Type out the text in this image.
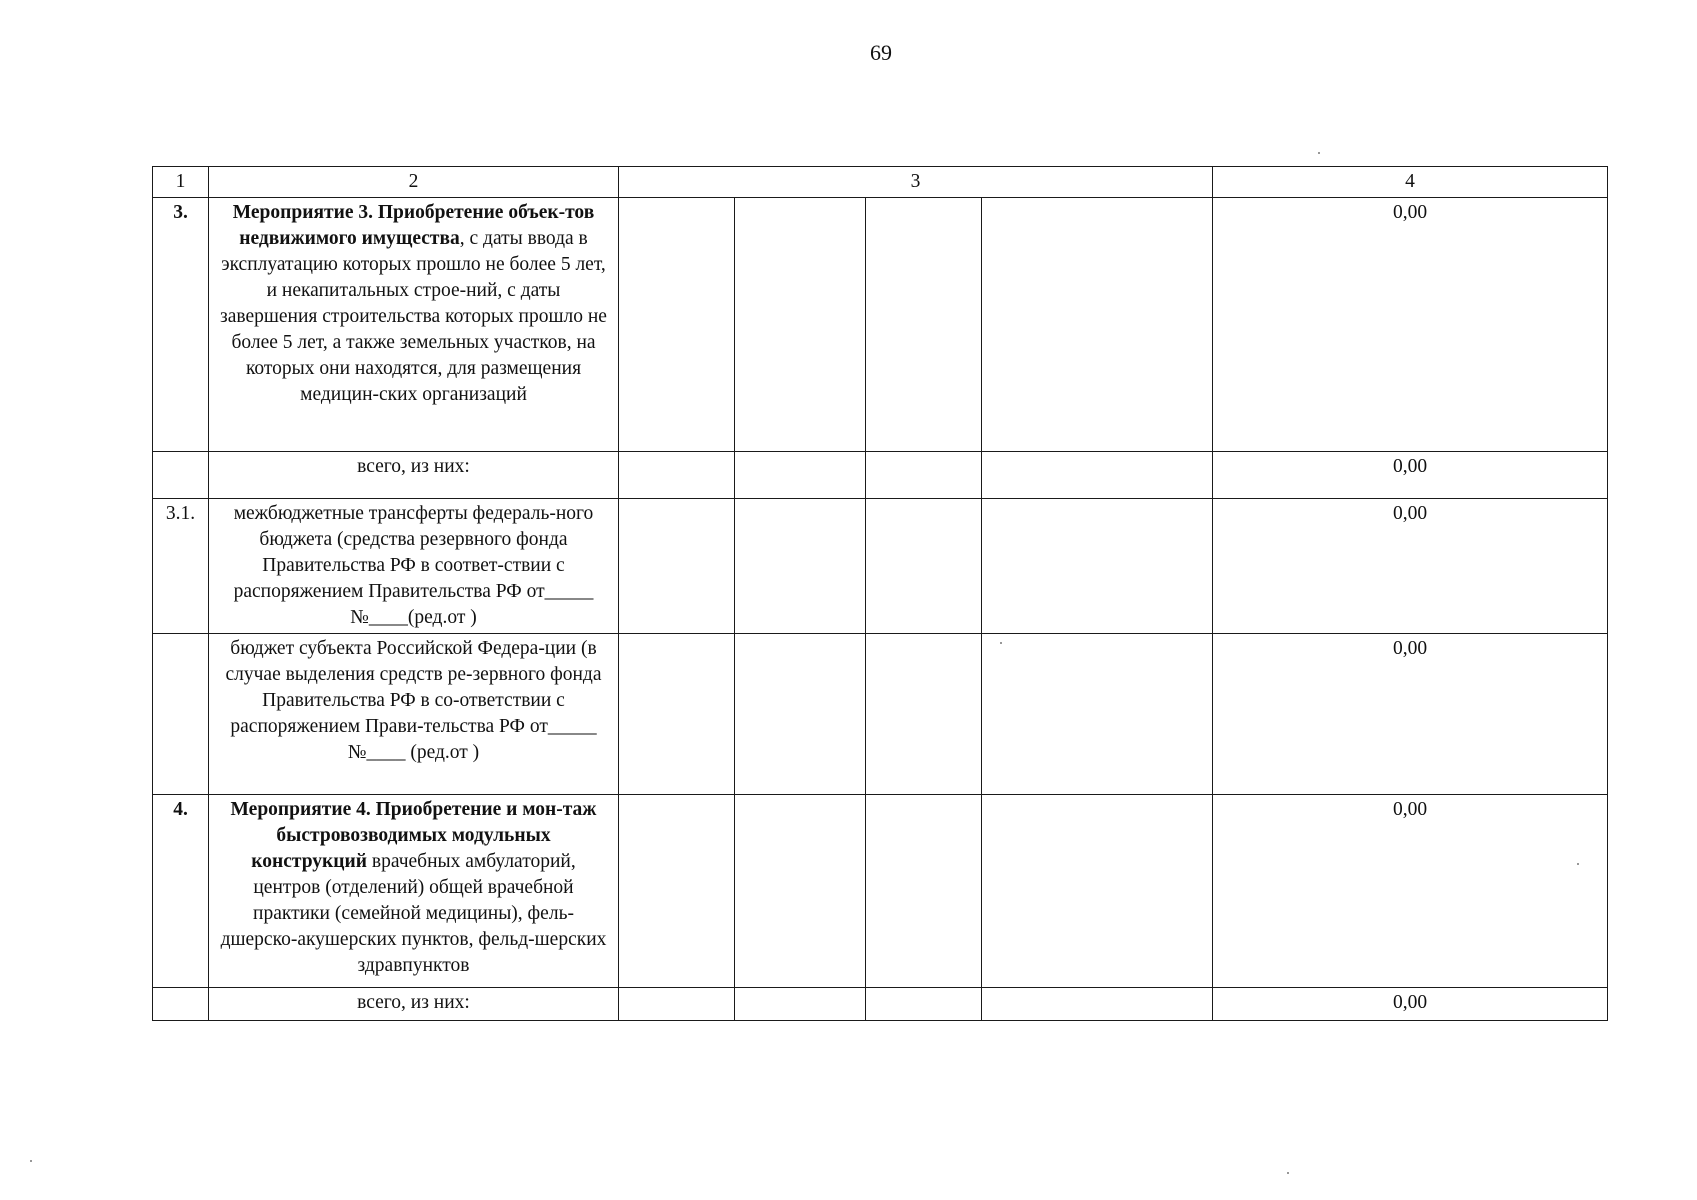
69
1	2	3				4
3.	Мероприятие 3. Приобретение объек-тов недвижимого имущества, с даты ввода в эксплуатацию которых прошло не более 5 лет, и некапитальных строе-ний, с даты завершения строительства которых прошло не более 5 лет, а также земельных участков, на которых они находятся, для размещения медицин-ских организаций					0,00
	всего, из них:					0,00
3.1.	межбюджетные трансферты федераль-ного бюджета (средства резервного фонда Правительства РФ в соответ-ствии с распоряжением Правительства РФ от_____ №____(ред.от )					0,00
	бюджет субъекта Российской Федера-ции (в случае выделения средств ре-зервного фонда Правительства РФ в со-ответствии с распоряжением Прави-тельства РФ от_____ №____ (ред.от )					0,00
4.	Мероприятие 4. Приобретение и мон-таж быстровозводимых модульных конструкций врачебных амбулаторий, центров (отделений) общей врачебной практики (семейной медицины), фель-дшерско-акушерских пунктов, фельд-шерских здравпунктов					0,00
	всего, из них:					0,00
